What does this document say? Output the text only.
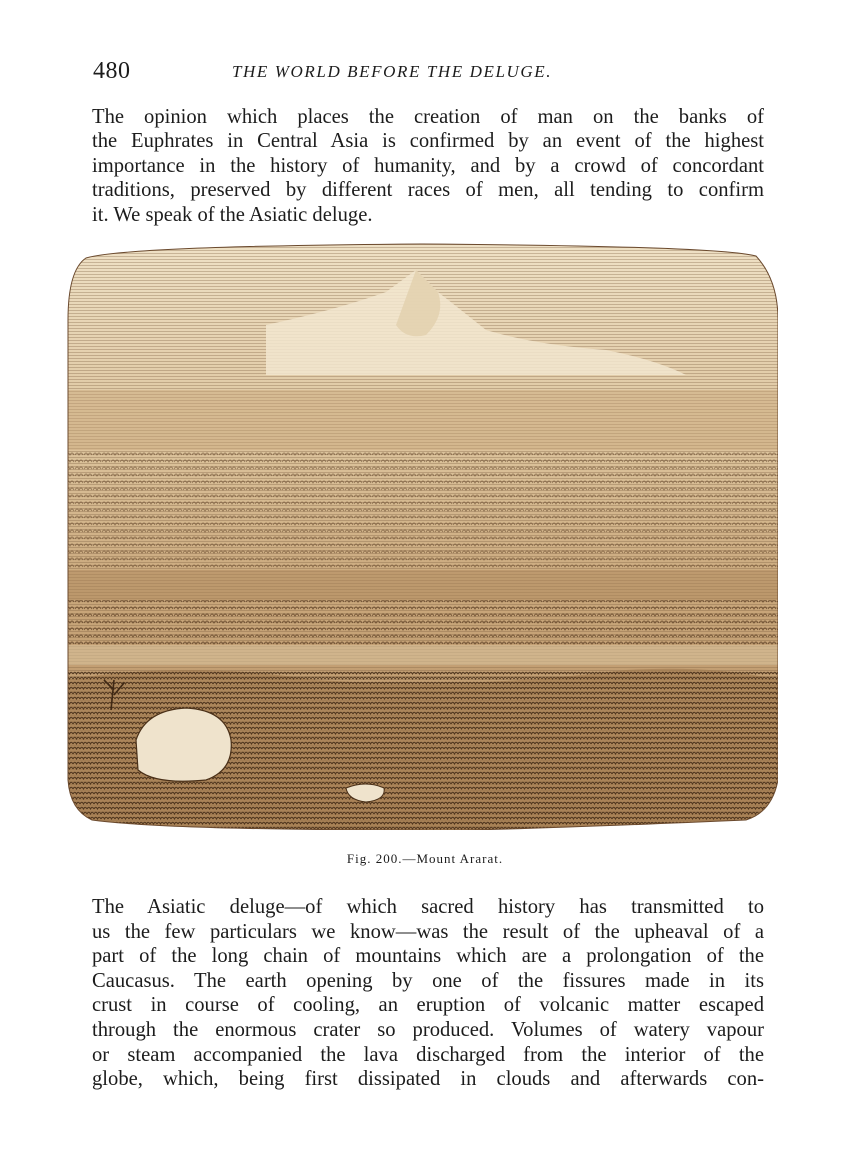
480	THE WORLD BEFORE THE DELUGE.
The opinion which places the creation of man on the banks of
the Euphrates in Central Asia is confirmed by an event of the highest
importance in the history of humanity, and by a crowd of concordant
traditions, preserved by different races of men, all tending to confirm
it. We speak of the Asiatic deluge.
Fig. 200.—Mount Ararat.
The Asiatic deluge—of which sacred history has transmitted to
us the few particulars we know—was the result of the upheaval of a
part of the long chain of mountains which are a prolongation of the
Caucasus. The earth opening by one of the fissures made in its
crust in course of cooling, an eruption of volcanic matter escaped
through the enormous crater so produced. Volumes of watery vapour
or steam accompanied the lava discharged from the interior of the
globe, which, being first dissipated in clouds and afterwards con-
